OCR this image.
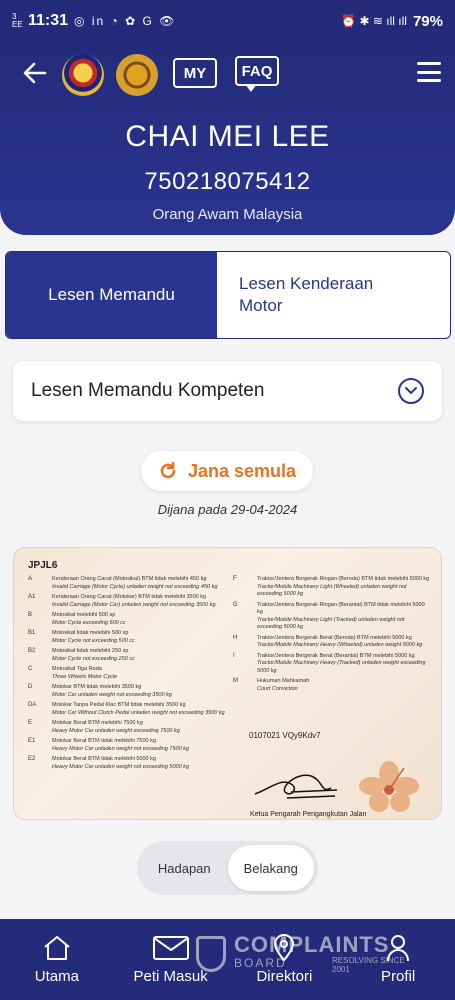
3 EE 11:31 ◎ in ◔ ✿ G 👁	⏰ ✱ ≋ ıll ıll 79%
MY FAQ
CHAI MEI LEE
750218075412
Orang Awam Malaysia
Lesen Memandu
Lesen Kenderaan Motor
Lesen Memandu Kompeten
Jana semula
Dijana pada 29-04-2024
JPJL6
A	Kenderaan Orang Cacat (Motosikal) BTM tidak melebihi 450 kg
Invalid Carriage (Motor Cycle) unladen weight not exceeding 450 kg
A1	Kenderaan Orang Cacat (Motokar) BTM tidak melebihi 3500 kg
Invalid Carriage (Motor Car) unladen weight not exceeding 3500 kg
B	Motosikal melebihi 500 sp
Motor Cycle exceeding 500 cc
B1	Motosikal tidak melebihi 500 sp
Motor Cycle not exceeding 500 cc
B2	Motosikal tidak melebihi 250 sp
Motor Cycle not exceeding 250 cc
C	Motosikal Tiga Roda
Three Wheels Motor Cycle
D	Motokar BTM tidak melebihi 3500 kg
Motor Car unladen weight not exceeding 3500 kg
DA	Motokar Tanpa Pedal Klac BTM tidak melebihi 3500 kg
Motor Car Without Clutch Pedal unladen weight not exceeding 3500 kg
E	Motokar Berat BTM melebihi 7500 kg
Heavy Motor Car unladen weight exceeding 7500 kg
E1	Motokar Berat BTM tidak melebihi 7500 kg
Heavy Motor Car unladen weight not exceeding 7500 kg
E2	Motokar Berat BTM tidak melebihi 5000 kg
Heavy Motor Car unladen weight not exceeding 5000 kg
F	Traktor/Jentera Bergerak Ringan (Beroda) BTM tidak melebihi 5000 kg
Tractor/Mobile Machinery Light (Wheeled) unladen weight not exceeding 5000 kg
G	Traktor/Jentera Bergerak Ringan (Berantai) BTM tidak melebihi 5000 kg
Tractor/Mobile Machinery Light (Tracked) unladen weight not exceeding 5000 kg
H	Traktor/Jentera Bergerak Berat (Beroda) BTM melebihi 5000 kg
Tractor/Mobile Machinery Heavy (Wheeled) unladen weight 5000 kg
I	Traktor/Jentera Bergerak Berat (Berantai) BTM melebihi 5000 kg
Tractor/Mobile Machinery Heavy (Tracked) unladen weight exceeding 5000 kg
M	Hukuman Mahkamah
Court Conviction
0107021 VQy9Kdv7
Ketua Pengarah Pengangkutan Jalan
Hadapan	Belakang
Utama	Peti Masuk	Direktori	Profil
COMPLAINTS
BOARD	RESOLVING SINCE 2001
